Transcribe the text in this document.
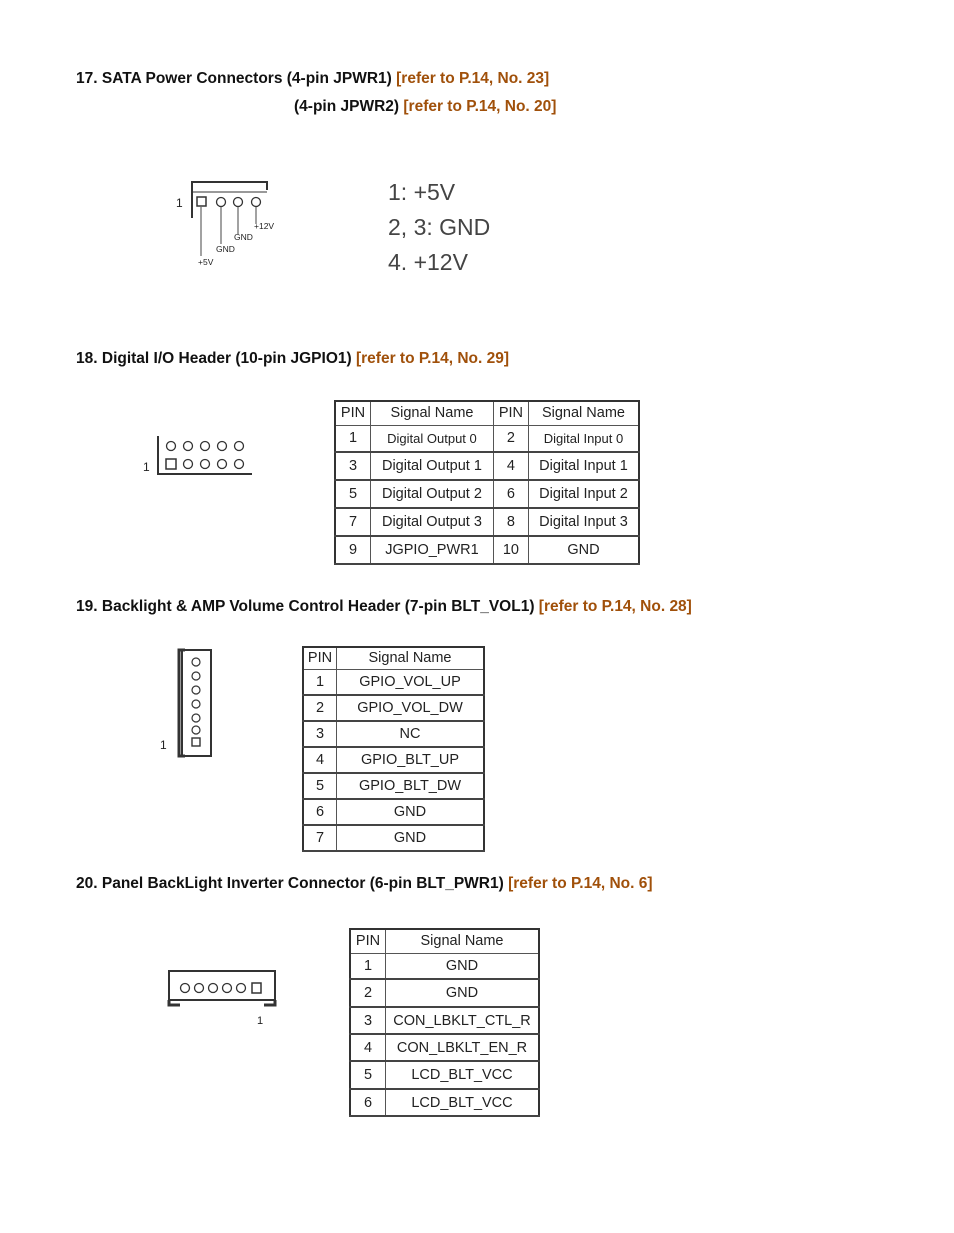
17. SATA Power Connectors (4-pin JPWR1) [refer to P.14, No. 23]
(4-pin JPWR2) [refer to P.14, No. 20]
1
+12V
GND
GND
+5V
1: +5V
2, 3: GND
4. +12V
18. Digital I/O Header (10-pin JGPIO1) [refer to P.14, No. 29]
1
PIN	Signal Name	PIN	Signal Name
1	Digital Output 0	2	Digital Input 0
3	Digital Output 1	4	Digital Input 1
5	Digital Output 2	6	Digital Input 2
7	Digital Output 3	8	Digital Input 3
9	JGPIO_PWR1	10	GND
19. Backlight & AMP Volume Control Header (7-pin BLT_VOL1) [refer to P.14, No. 28]
1
PIN	Signal Name
1	GPIO_VOL_UP
2	GPIO_VOL_DW
3	NC
4	GPIO_BLT_UP
5	GPIO_BLT_DW
6	GND
7	GND
20. Panel BackLight Inverter Connector (6-pin BLT_PWR1) [refer to P.14, No. 6]
1
PIN	Signal Name
1	GND
2	GND
3	CON_LBKLT_CTL_R
4	CON_LBKLT_EN_R
5	LCD_BLT_VCC
6	LCD_BLT_VCC
